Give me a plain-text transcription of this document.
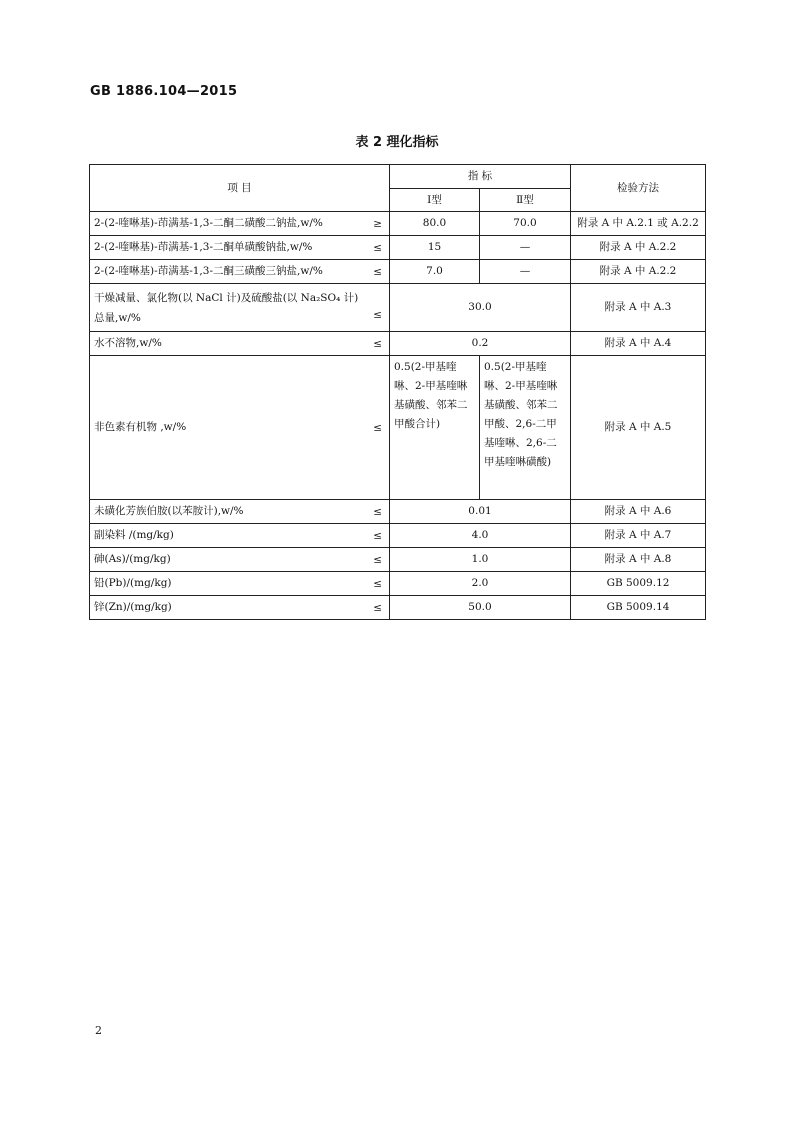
GB 1886.104—2015
表 2 理化指标
项 目	指 标		检验方法
	Ⅰ型	Ⅱ型	
2-(2-喹啉基)-茚满基-1,3-二酮二磺酸二钠盐,w/% ≥	80.0	70.0	附录 A 中 A.2.1 或 A.2.2
2-(2-喹啉基)-茚满基-1,3-二酮单磺酸钠盐,w/% ≤	15	—	附录 A 中 A.2.2
2-(2-喹啉基)-茚满基-1,3-二酮三磺酸三钠盐,w/% ≤	7.0	—	附录 A 中 A.2.2
干燥减量、氯化物(以 NaCl 计)及硫酸盐(以 Na₂SO₄ 计)总量,w/% ≤	30.0		附录 A 中 A.3
水不溶物,w/% ≤	0.2		附录 A 中 A.4
非色素有机物 ,w/% ≤	0.5(2-甲基喹啉、2-甲基喹啉基磺酸、邻苯二甲酸合计)	0.5(2-甲基喹啉、2-甲基喹啉基磺酸、邻苯二甲酸、2,6-二甲基喹啉、2,6-二甲基喹啉磺酸)	附录 A 中 A.5
未磺化芳族伯胺(以苯胺计),w/% ≤	0.01		附录 A 中 A.6
副染料 /(mg/kg) ≤	4.0		附录 A 中 A.7
砷(As)/(mg/kg) ≤	1.0		附录 A 中 A.8
铅(Pb)/(mg/kg) ≤	2.0		GB 5009.12
锌(Zn)/(mg/kg) ≤	50.0		GB 5009.14
2
